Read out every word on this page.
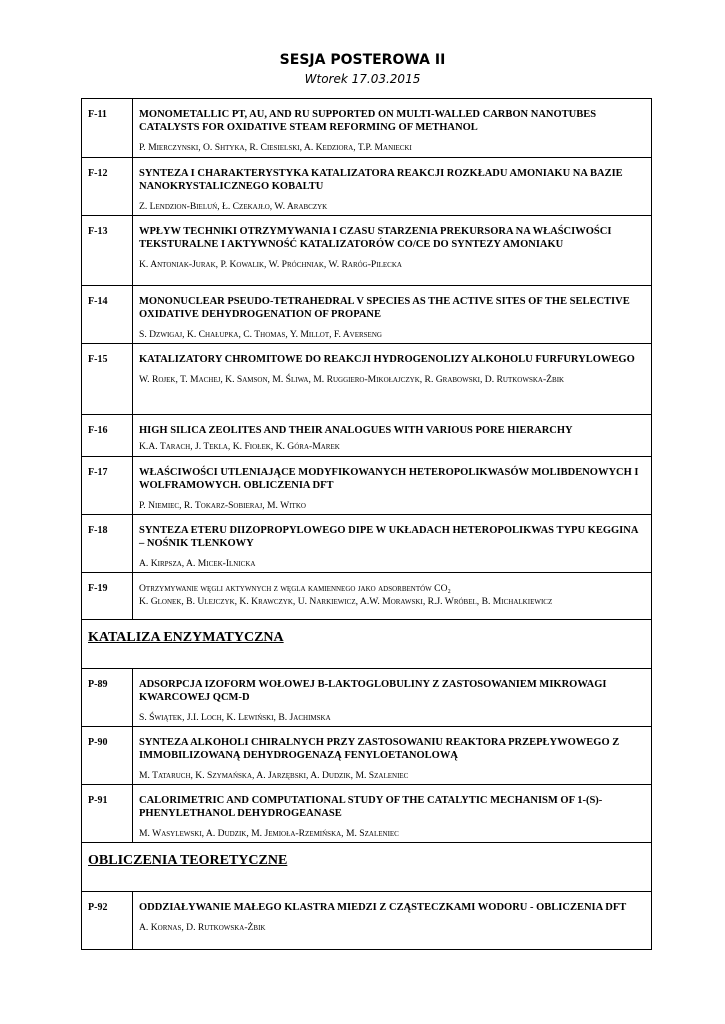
SESJA POSTEROWA II
Wtorek 17.03.2015
F-11	MONOMETALLIC PT, AU, AND RU SUPPORTED ON MULTI-WALLED CARBON NANOTUBES CATALYSTS FOR OXIDATIVE STEAM REFORMING OF METHANOL
P. Mierczynski, O. Shtyka, R. Ciesielski, A. Kedziora, T.P. Maniecki

F-12	SYNTEZA I CHARAKTERYSTYKA KATALIZATORA REAKCJI ROZKŁADU AMONIAKU NA BAZIE NANOKRYSTALICZNEGO KOBALTU
Z. Lendzion-Bieluń, Ł. Czekajło, W. Arabczyk

F-13	WPŁYW TECHNIKI OTRZYMYWANIA I CZASU STARZENIA PREKURSORA NA WŁAŚCIWOŚCI TEKSTURALNE I AKTYWNOŚĆ KATALIZATORÓW CO/CE DO SYNTEZY AMONIAKU
K. Antoniak-Jurak, P. Kowalik, W. Próchniak, W. Raróg-Pilecka

F-14	MONONUCLEAR PSEUDO-TETRAHEDRAL V SPECIES AS THE ACTIVE SITES OF THE SELECTIVE OXIDATIVE DEHYDROGENATION OF PROPANE
S. Dzwigaj, K. Chałupka, C. Thomas, Y. Millot, F. Averseng

F-15	KATALIZATORY CHROMITOWE DO REAKCJI HYDROGENOLIZY ALKOHOLU FURFURYLOWEGO
W. Rojek, T. Machej, K. Samson, M. Śliwa, M. Ruggiero-Mikołajczyk, R. Grabowski, D. Rutkowska-Żbik

F-16	HIGH SILICA ZEOLITES AND THEIR ANALOGUES WITH VARIOUS PORE HIERARCHY
K.A. Tarach, J. Tekla, K. Fiołek, K. Góra-Marek

F-17	WŁAŚCIWOŚCI UTLENIAJĄCE MODYFIKOWANYCH HETEROPOLIKWASÓW MOLIBDENOWYCH I WOLFRAMOWYCH. OBLICZENIA DFT
P. Niemiec, R. Tokarz-Sobieraj, M. Witko

F-18	SYNTEZA ETERU DIIZOPROPYLOWEGO DIPE W UKŁADACH HETEROPOLIKWAS TYPU KEGGINA – NOŚNIK TLENKOWY
A. Kirpsza, A. Micek-Ilnicka

F-19	Otrzymywanie węgli aktywnych z węgla kamiennego jako adsorbentów CO₂
K. Glonek, B. Ulejczyk, K. Krawczyk, U. Narkiewicz, A.W. Morawski, R.J. Wróbel, B. Michalkiewicz

KATALIZA ENZYMATYCZNA	
P-89	ADSORPCJA IZOFORM WOŁOWEJ B-LAKTOGLOBULINY Z ZASTOSOWANIEM MIKROWAGI KWARCOWEJ QCM-D
S. Świątek, J.I. Loch, K. Lewiński, B. Jachimska

P-90	SYNTEZA ALKOHOLI CHIRALNYCH PRZY ZASTOSOWANIU REAKTORA PRZEPŁYWOWEGO Z IMMOBILIZOWANĄ DEHYDROGENAZĄ FENYLOETANOLOWĄ
M. Tataruch, K. Szymańska, A. Jarzębski, A. Dudzik, M. Szaleniec

P-91	CALORIMETRIC AND COMPUTATIONAL STUDY OF THE CATALYTIC MECHANISM OF 1-(S)-PHENYLETHANOL DEHYDROGEANASE
M. Wasylewski, A. Dudzik, M. Jemioła-Rzemińska, M. Szaleniec

OBLICZENIA TEORETYCZNE	
P-92	ODDZIAŁYWANIE MAŁEGO KLASTRA MIEDZI Z CZĄSTECZKAMI WODORU - OBLICZENIA DFT
A. Kornas, D. Rutkowska-Żbik
